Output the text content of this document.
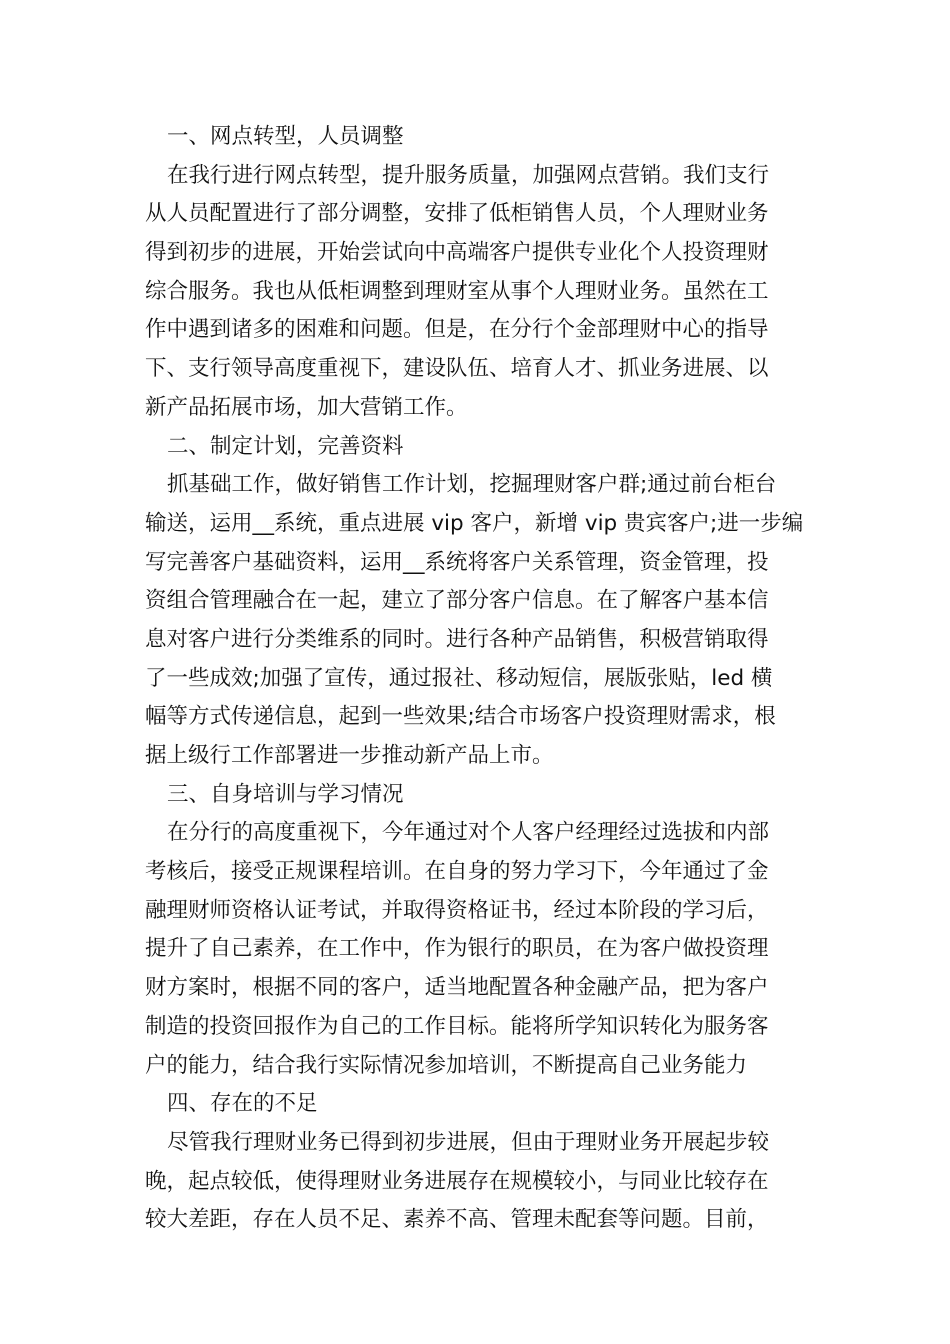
一、网点转型，人员调整
在我行进行网点转型，提升服务质量，加强网点营销。我们支行
从人员配置进行了部分调整，安排了低柜销售人员，个人理财业务
得到初步的进展，开始尝试向中高端客户提供专业化个人投资理财
综合服务。我也从低柜调整到理财室从事个人理财业务。虽然在工
作中遇到诸多的困难和问题。但是，在分行个金部理财中心的指导
下、支行领导高度重视下，建设队伍、培育人才、抓业务进展、以
新产品拓展市场，加大营销工作。
二、制定计划，完善资料
抓基础工作，做好销售工作计划，挖掘理财客户群;通过前台柜台
输送，运用__系统，重点进展 vip 客户，新增 vip 贵宾客户;进一步编
写完善客户基础资料，运用__系统将客户关系管理，资金管理，投
资组合管理融合在一起，建立了部分客户信息。在了解客户基本信
息对客户进行分类维系的同时。进行各种产品销售，积极营销取得
了一些成效;加强了宣传，通过报社、移动短信，展版张贴，led 横
幅等方式传递信息，起到一些效果;结合市场客户投资理财需求，根
据上级行工作部署进一步推动新产品上市。
三、自身培训与学习情况
在分行的高度重视下，今年通过对个人客户经理经过选拔和内部
考核后，接受正规课程培训。在自身的努力学习下，今年通过了金
融理财师资格认证考试，并取得资格证书，经过本阶段的学习后，
提升了自己素养，在工作中，作为银行的职员，在为客户做投资理
财方案时，根据不同的客户，适当地配置各种金融产品，把为客户
制造的投资回报作为自己的工作目标。能将所学知识转化为服务客
户的能力，结合我行实际情况参加培训，不断提高自己业务能力
四、存在的不足
尽管我行理财业务已得到初步进展，但由于理财业务开展起步较
晚，起点较低，使得理财业务进展存在规模较小，与同业比较存在
较大差距，存在人员不足、素养不高、管理未配套等问题。目前，
